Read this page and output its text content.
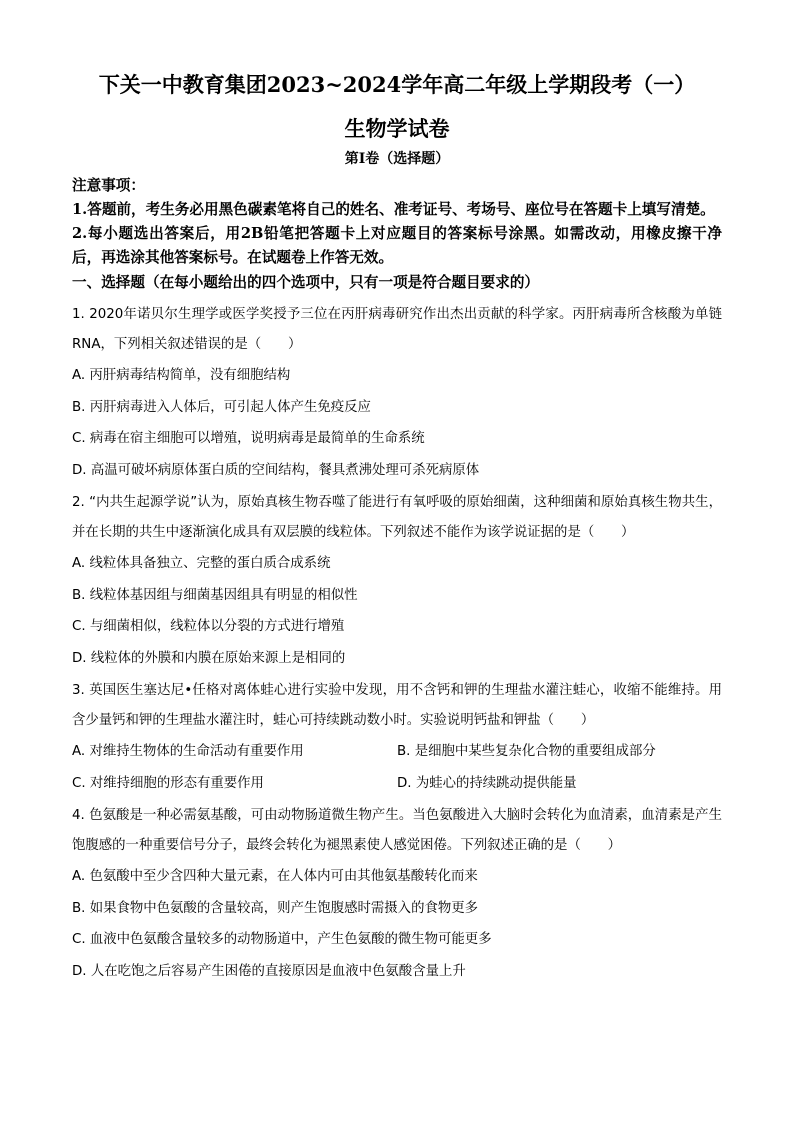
下关一中教育集团2023~2024学年高二年级上学期段考（一）
生物学试卷
第I卷（选择题）
注意事项：
1.答题前，考生务必用黑色碳素笔将自己的姓名、准考证号、考场号、座位号在答题卡上填写清楚。
2.每小题选出答案后，用2B铅笔把答题卡上对应题目的答案标号涂黑。如需改动，用橡皮擦干净后，再选涂其他答案标号。在试题卷上作答无效。
一、选择题（在每小题给出的四个选项中，只有一项是符合题目要求的）
1. 2020年诺贝尔生理学或医学奖授予三位在丙肝病毒研究作出杰出贡献的科学家。丙肝病毒所含核酸为单链RNA，下列相关叙述错误的是（　　）
A. 丙肝病毒结构简单，没有细胞结构
B. 丙肝病毒进入人体后，可引起人体产生免疫反应
C. 病毒在宿主细胞可以增殖，说明病毒是最简单的生命系统
D. 高温可破坏病原体蛋白质的空间结构，餐具煮沸处理可杀死病原体
2. “内共生起源学说”认为，原始真核生物吞噬了能进行有氧呼吸的原始细菌，这种细菌和原始真核生物共生，并在长期的共生中逐渐演化成具有双层膜的线粒体。下列叙述不能作为该学说证据的是（　　）
A. 线粒体具备独立、完整的蛋白质合成系统
B. 线粒体基因组与细菌基因组具有明显的相似性
C. 与细菌相似，线粒体以分裂的方式进行增殖
D. 线粒体的外膜和内膜在原始来源上是相同的
3. 英国医生塞达尼•任格对离体蛙心进行实验中发现，用不含钙和钾的生理盐水灌注蛙心，收缩不能维持。用含少量钙和钾的生理盐水灌注时，蛙心可持续跳动数小时。实验说明钙盐和钾盐（　　）
A. 对维持生物体的生命活动有重要作用	B. 是细胞中某些复杂化合物的重要组成部分
C. 对维持细胞的形态有重要作用	D. 为蛙心的持续跳动提供能量
4. 色氨酸是一种必需氨基酸，可由动物肠道微生物产生。当色氨酸进入大脑时会转化为血清素，血清素是产生饱腹感的一种重要信号分子，最终会转化为褪黑素使人感觉困倦。下列叙述正确的是（　　）
A. 色氨酸中至少含四种大量元素，在人体内可由其他氨基酸转化而来
B. 如果食物中色氨酸的含量较高，则产生饱腹感时需摄入的食物更多
C. 血液中色氨酸含量较多的动物肠道中，产生色氨酸的微生物可能更多
D. 人在吃饱之后容易产生困倦的直接原因是血液中色氨酸含量上升
